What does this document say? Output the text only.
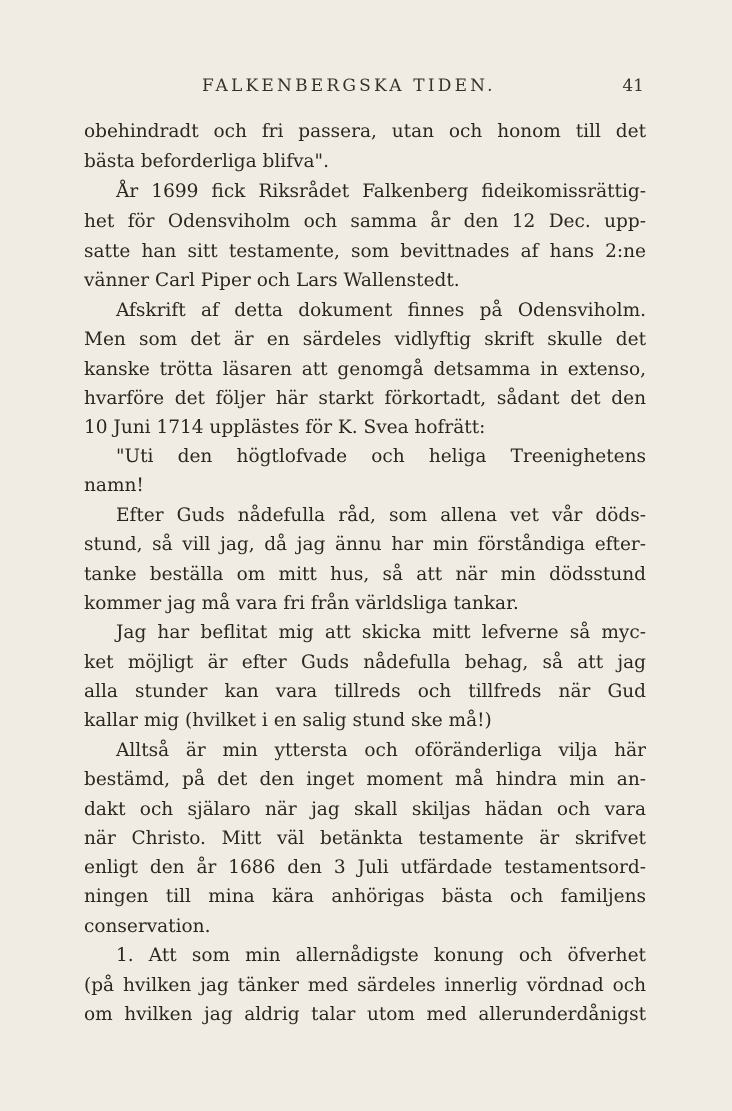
FALKENBERGSKA TIDEN.	41
obehindradt och fri passera, utan och honom till det
bästa beforderliga blifva".
År 1699 fick Riksrådet Falkenberg fideikomissrättig-
het för Odensviholm och samma år den 12 Dec. upp-
satte han sitt testamente, som bevittnades af hans 2:ne
vänner Carl Piper och Lars Wallenstedt.
Afskrift af detta dokument finnes på Odensviholm.
Men som det är en särdeles vidlyftig skrift skulle det
kanske trötta läsaren att genomgå detsamma in extenso,
hvarföre det följer här starkt förkortadt, sådant det den
10 Juni 1714 upplästes för K. Svea hofrätt:
"Uti den högtlofvade och heliga Treenighetens
namn!
Efter Guds nådefulla råd, som allena vet vår döds-
stund, så vill jag, då jag ännu har min förståndiga efter-
tanke beställa om mitt hus, så att när min dödsstund
kommer jag må vara fri från världsliga tankar.
Jag har beflitat mig att skicka mitt lefverne så myc-
ket möjligt är efter Guds nådefulla behag, så att jag
alla stunder kan vara tillreds och tillfreds när Gud
kallar mig (hvilket i en salig stund ske må!)
Alltså är min yttersta och oföränderliga vilja här
bestämd, på det den inget moment må hindra min an-
dakt och själaro när jag skall skiljas hädan och vara
när Christo. Mitt väl betänkta testamente är skrifvet
enligt den år 1686 den 3 Juli utfärdade testamentsord-
ningen till mina kära anhörigas bästa och familjens
conservation.
1. Att som min allernådigste konung och öfverhet
(på hvilken jag tänker med särdeles innerlig vördnad och
om hvilken jag aldrig talar utom med allerunderdånigst
